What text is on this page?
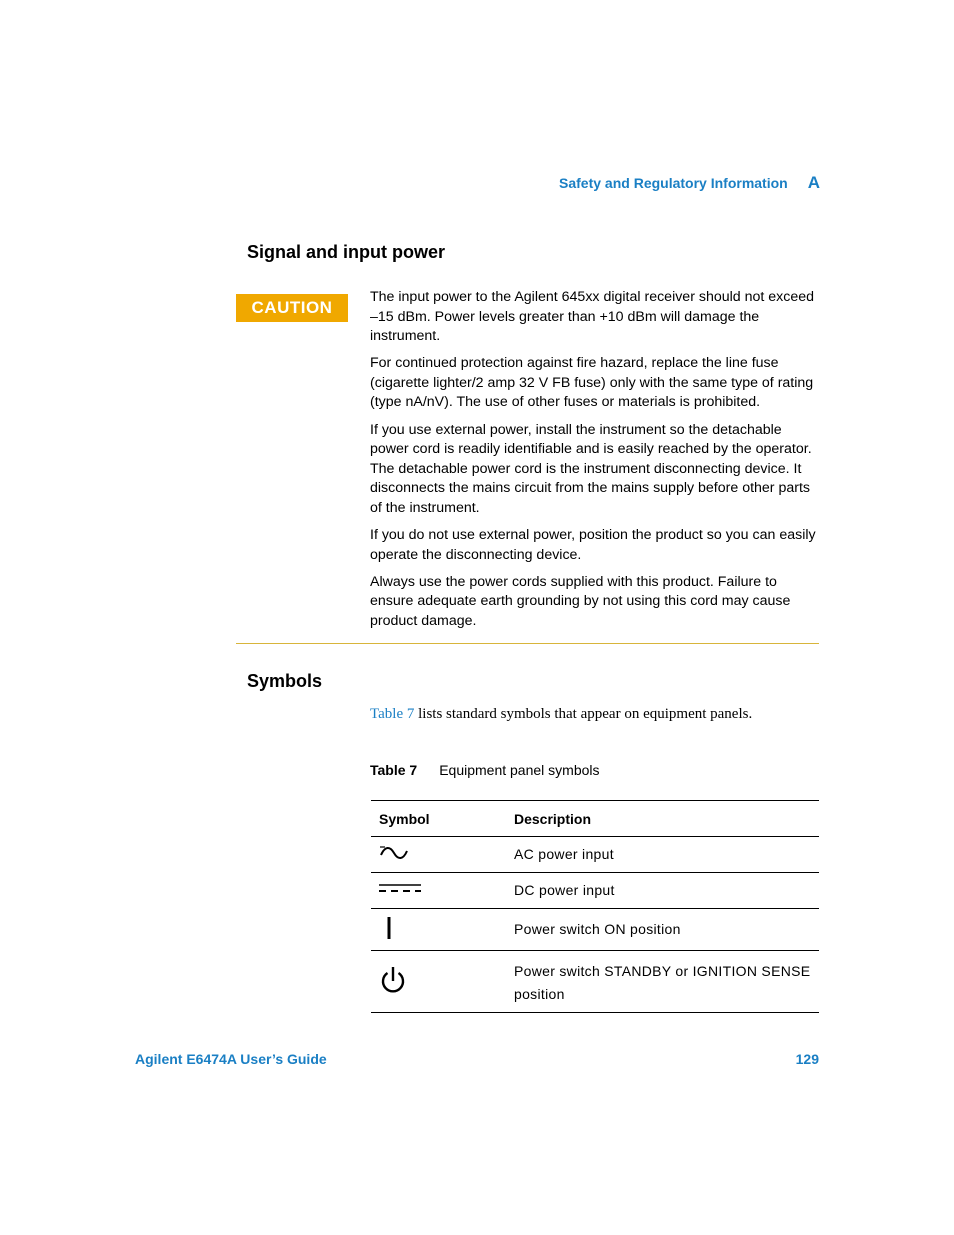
Safety and Regulatory Information A
Signal and input power
CAUTION

The input power to the Agilent 645xx digital receiver should not exceed –15 dBm. Power levels greater than +10 dBm will damage the instrument.

For continued protection against fire hazard, replace the line fuse (cigarette lighter/2 amp 32 V FB fuse) only with the same type of rating (type nA/nV). The use of other fuses or materials is prohibited.

If you use external power, install the instrument so the detachable power cord is readily identifiable and is easily reached by the operator. The detachable power cord is the instrument disconnecting device. It disconnects the mains circuit from the mains supply before other parts of the instrument.

If you do not use external power, position the product so you can easily operate the disconnecting device.

Always use the power cords supplied with this product. Failure to ensure adequate earth grounding by not using this cord may cause product damage.

Symbols
Table 7 lists standard symbols that appear on equipment panels.
Table 7 Equipment panel symbols
Symbol	Description
	AC power input
	DC power input
	Power switch ON position
	Power switch STANDBY or IGNITION SENSE position
Agilent E6474A User’s Guide	129
